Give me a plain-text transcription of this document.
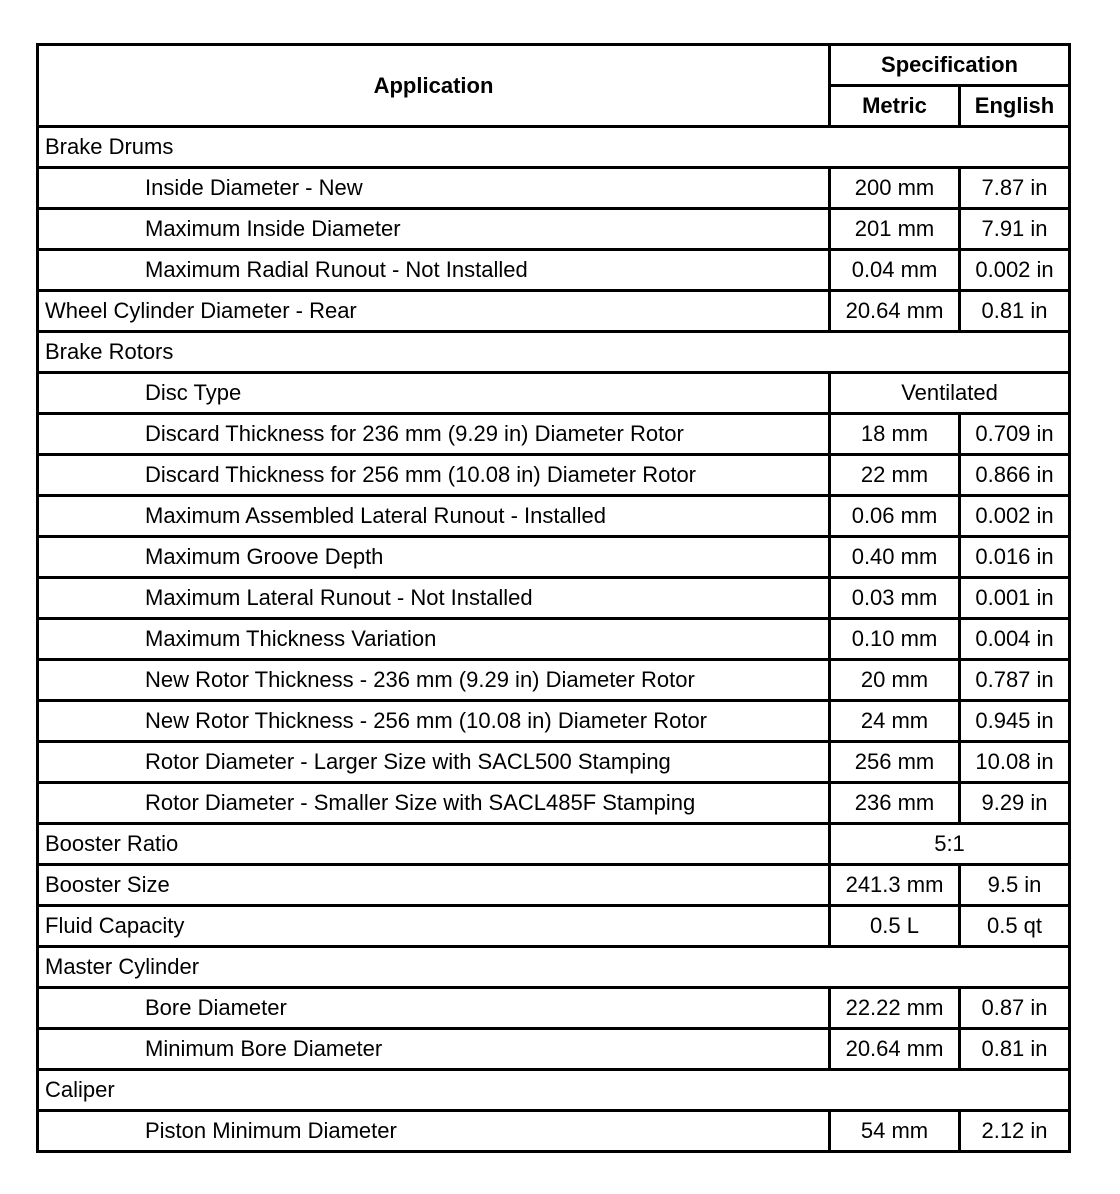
Application	Specification	
	Metric	English
Brake Drums		
Inside Diameter - New	200 mm	7.87 in
Maximum Inside Diameter	201 mm	7.91 in
Maximum Radial Runout - Not Installed	0.04 mm	0.002 in
Wheel Cylinder Diameter - Rear	20.64 mm	0.81 in
Brake Rotors		
Disc Type	Ventilated	
Discard Thickness for 236 mm (9.29 in) Diameter Rotor	18 mm	0.709 in
Discard Thickness for 256 mm (10.08 in) Diameter Rotor	22 mm	0.866 in
Maximum Assembled Lateral Runout - Installed	0.06 mm	0.002 in
Maximum Groove Depth	0.40 mm	0.016 in
Maximum Lateral Runout - Not Installed	0.03 mm	0.001 in
Maximum Thickness Variation	0.10 mm	0.004 in
New Rotor Thickness - 236 mm (9.29 in) Diameter Rotor	20 mm	0.787 in
New Rotor Thickness - 256 mm (10.08 in) Diameter Rotor	24 mm	0.945 in
Rotor Diameter - Larger Size with SACL500 Stamping	256 mm	10.08 in
Rotor Diameter - Smaller Size with SACL485F Stamping	236 mm	9.29 in
Booster Ratio	5:1	
Booster Size	241.3 mm	9.5 in
Fluid Capacity	0.5 L	0.5 qt
Master Cylinder		
Bore Diameter	22.22 mm	0.87 in
Minimum Bore Diameter	20.64 mm	0.81 in
Caliper		
Piston Minimum Diameter	54 mm	2.12 in
